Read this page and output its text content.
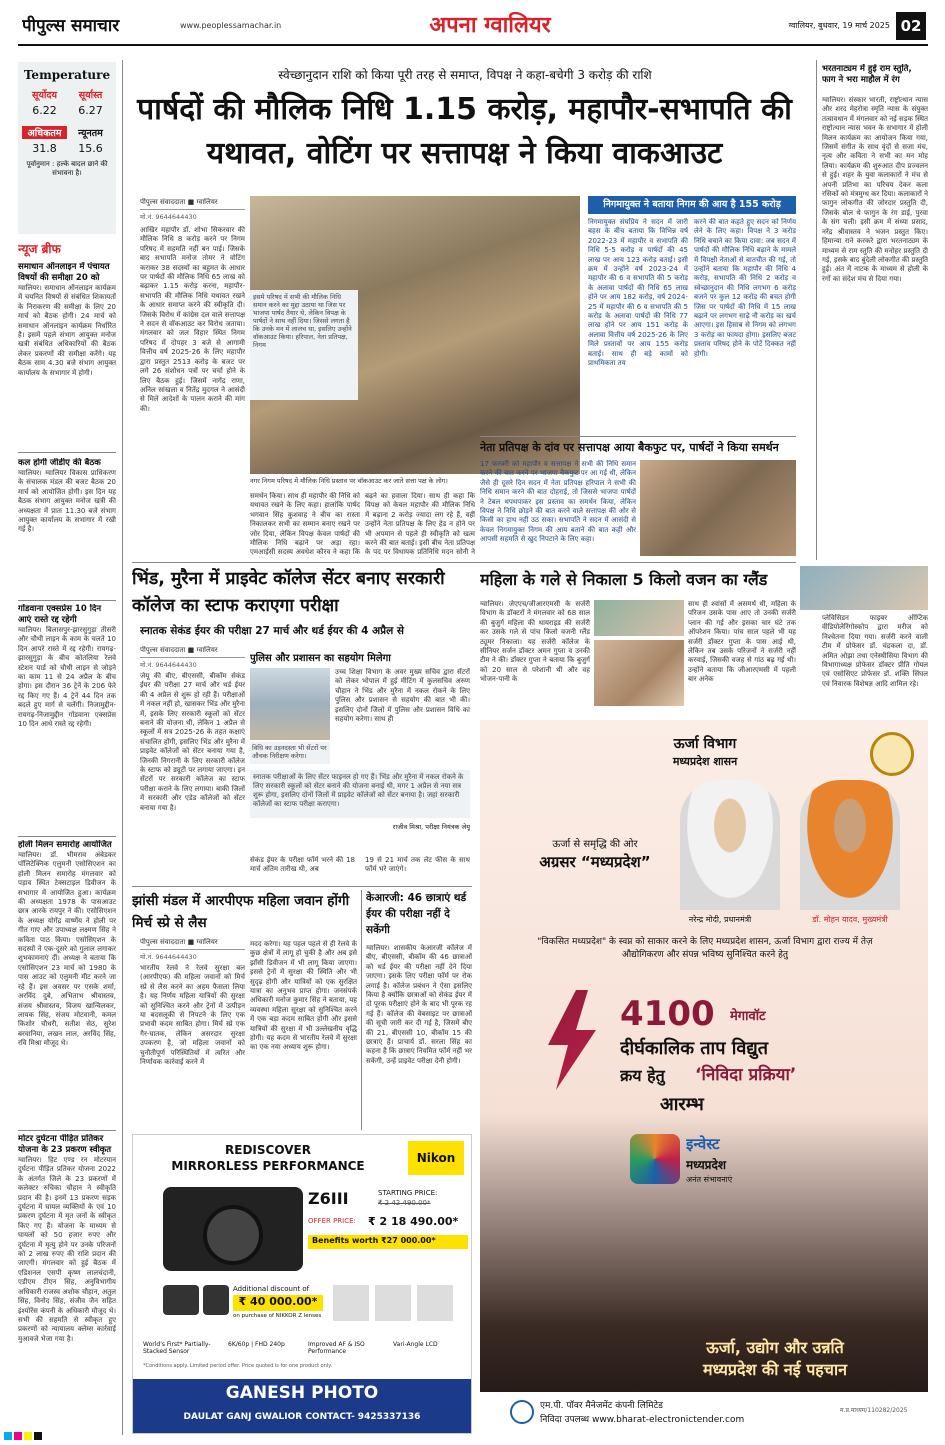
पीपुल्स समाचार	www.peoplessamachar.in	अपना ग्वालियर	ग्वालियर, बुधवार, 19 मार्च 2025 02
Temperature
सूर्योदय	सूर्यास्त
6.22	6.27
अधिकतम	न्यूनतम
31.8	15.6
पूर्वानुमान : हल्के बादल छाने की संभावना है।
न्यूज ब्रीफ
समाधान ऑनलाइन में पंचायत विषयों की समीक्षा 20 को
ग्वालियर। समाधान ऑनलाइन कार्यक्रम में चयनित विषयों से संबंधित शिकायतों के निराकरण की समीक्षा के लिए 20 मार्च को बैठक होगी। 24 मार्च को समाधान ऑनलाइन कार्यक्रम निर्धारित है। इसमें पहले संभाग आयुक्त मनोज खत्री संबंधित अधिकारियों की बैठक लेकर प्रकरणों की समीक्षा करेंगे। यह बैठक साम 4.30 बजे संभाग आयुक्त कार्यालय के सभागार में होगी।
कल होगी जीडीए की बैठक
ग्वालियर। ग्वालियर विकास प्राधिकरण के संचालक मंडल की बजट बैठक 20 मार्च को आयोजित होगी। इस दिन यह बैठक संभाग आयुक्त मनोज खत्री की अध्यक्षता में प्रातः 11.30 बजे संभाग आयुक्त कार्यालय के सभागार में रखी गई है।
गोंडवाना एक्सप्रेस 10 दिन आएं रास्ते रद्द रहेगी
ग्वालियर। बिलासपुर-झारसुगुड़ा तीसरी और चौथी लाइन के काम के चलते 10 दिन आपरे रास्ते में रद्द रहेगी। रायगढ़-झारसुगुड़ा के बीच कोतलिया रेलवे स्टेशन यार्ड को चौथी लाइन से जोड़ने का काम 11 से 24 अप्रैल के बीच होगा। इस दौरान 36 ट्रेनें के 206 फेरे रद्द किए गए हैं। 4 ट्रेनें 44 दिन तक बदले हुए मार्ग से चलेंगी। निजामुद्दीन-रायगढ़-निजामुद्दीन गोंडवाना एक्सप्रेस 10 दिन आधे रास्ते रद्द रहेगी।
होली मिलन समारोह आयोजित
ग्वालियर। डॉ. भीमराव अंबेडकर पॉलिटेक्निक एलुमनी एसोसिएशन का होली मिलन समारोह मंगलवार को पड़ाव स्थित टेक्सटाइल डिवीजन के सभागार में आयोजित हुआ। कार्यक्रम की अध्यक्षता 1978 के पासआउट छात्र आरके रायपुर ने की। एसोसिएशन के अध्यक्ष योगेंद्र वार्ष्णेय ने होली पर गीत गाए और उपाध्यक्ष लक्ष्मण सिंह ने कविता पाठ किया। एसोसिएशन के सदस्यों ने एक-दूसरे को गुलाल लगाकर शुभकामनाएं दीं। अध्यक्ष ने बताया कि एसोसिएशन 23 मार्च को 1980 के पास आउट को एलुमनी मीट करने जा रहे हैं। इस अवसर पर एसके शर्मा, अरविंद दुबे, अभिताभ श्रीवास्तव, संजय श्रीवास्तव, विजय खान्विलकर, लायक सिंह, संजय मोटवानी, कमल किशोर चौधरी, सतीश सेठ, सुरेश बरवानिया, लखन लाल, अरविंद सिंह, रवि मिश्रा मौजूद थे।
मोटर दुर्घटना पीड़ित प्रतिकर योजना के 23 प्रकरण स्वीकृत
ग्वालियर। हिट एण्ड रन मोटरयान दुर्घटना पीड़ित प्रतिकर योजना 2022 के अंतर्गत जिले के 23 प्रकरणों में कलेक्टर रुचिका चौहान ने स्वीकृति प्रदान की है। इनमें 13 प्रकरण सड़क दुर्घटना में घायल व्यक्तियों के एवं 10 प्रकरण दुर्घटना में मृत जनों के स्वीकृत किए गए हैं। योजना के माध्यम से घायलों को 50 हजार रुपए और दुर्घटना में मृत्यु होने पर उनके परिजनों को 2 लाख रुपए की राशि प्रदान की जाएगी। मंगलवार को हुई बैठक में एडिशनल एसपी कृष्ण लालचंदानी, एडीएम टीएन सिंह, अनुविभागीय अधिकारी राजस्व अशोक चौहान, अतुल सिंह, विनोद सिंह, संजीव जैन सहित इंश्योरेंस कंपनी के अधिकारी मौजूद थे। सभी की सहमति से स्वीकृत हुए प्रकरणों को न्यायालय क्लेम्स कार्रवाई मुआवजे भेजा गया है।
स्वेच्छानुदान राशि को किया पूरी तरह से समाप्त, विपक्ष ने कहा-बचेगी 3 करोड़ की राशि
पार्षदों की मौलिक निधि 1.15 करोड़, महापौर-सभापति की यथावत, वोटिंग पर सत्तापक्ष ने किया वाकआउट
पीपुल्स संवाददाता ■ ग्वालियर
मो.नं. 9644644430
आखिर महापौर डॉ. शोभा सिकरवार की मौलिक निधि 8 करोड़ करने पर निगम परिषद में सहमति नहीं बन पाई। जिसके बाद सभापति मनोज तोमर ने वोटिंग कराकर 38 सदस्यों का बहुमत के आधार पर पार्षदों की मौलिक निधि 65 लाख को बढ़ाकर 1.15 करोड़ करना, महापौर-सभापति की मौलिक निधि यथावत रखने के आधार समाप्त करने की स्वीकृति दी। जिसके विरोध में कांग्रेस दल वाले सत्तापक्ष ने सदन से वॉकआउट कर विरोध जताया। मंगलवार को जल विहार स्थित निगम परिषद में दोपहर 3 बजे से आगामी वित्तीय वर्ष 2025-26 के लिए महापौर द्वारा प्रस्तुत 2513 करोड़ के बजट पर लगे 26 संशोधन पत्रों पर चर्चा होने के लिए बैठक हुई। जिसमें नागेंद्र राणा, अनिल सांखला व नितेंद्र मुदगल ने आसंदी से मिले आदेशों के पालन कराने की मांग की।
इसमे परिषद में सभी की मौलिक निधि समान करने का मुद्दा उठाया था जिस पर भाजपा पार्षद तैयार थे, लेकिन विपक्ष के पार्षदों ने साथ नहीं दिया। जिससे लगता है कि उनके मन में लालच था, इसलिए उन्होंने वॉकआउट किया। हरिपाल, नेता प्रतिपक्ष, निगम
नगर निगम परिषद में मौलिक निधि प्रस्ताव पर वॉकआउट कर जाते सत्ता पक्ष के लोग।
समर्थन किया। साथ ही महापौर की निधि को यथावत रखने के लिए कहा। हालांकि पार्षद भगवान सिंह कुशवाह ने बीच का रास्ता निकालकर सभी का सम्मान बनाए रखने पर जोर दिया, लेकिन विपक्ष केवल पार्षदों की मौलिक निधि बढ़ाने पर अड़ा रहा। एमआईसी सदस्य अवधेश कौरव ने कहा कि
बढ़ने का हवाला दिया। साथ ही कहा कि विपक्ष को केवल महापौर की मौलिक निधि में बढ़ाना 2 करोड़ ज्यादा लग रहे हैं, वहीं उन्होंने नेता प्रतिपक्ष के लिए हेड न होने पर भी अपमान से पहले ही स्वीकृति को खत्म करने की बात बताई। इसी बीच नेता प्रतिपक्ष के पद पर विधायक प्रतिनिधि मदन सोनी ने
निगमायुक्त ने बताया निगम की आय है 155 करोड़
निगमायुक्त संघप्रिय ने सदन में जारी बहस के बीच बताया कि विभिन्न वर्ष 2022-23 में महापौर व सभापति की निधि 5-5 करोड़ व पार्षदों की 45 लाख पर आय 123 करोड़ बताई। इसी क्रम में उन्होंने वर्ष 2023-24 में महापौर की 6 व सभापति की 5 करोड़ के अलावा पार्षदों की निधि 65 लाख होने पर आय 182 करोड़, वर्ष 2024-25 में महापौर की 6 व सभापति की 5 करोड़ के अलावा पार्षदों की निधि 77 लाख होने पर आय 151 करोड़ के अलावा वित्तीय वर्ष 2025-26 के लिए मिले प्रस्तावों पर आय 155 करोड़ बताई। साथ ही बड़े कामों को प्राथमिकता तय
करने की बात कहते हुए सदन को निर्णय लेने के लिए कहा। विपक्ष ने 3 करोड़ निधि बचाने का किया दावा: जब सदन में पार्षदों की मौलिक निधि बढ़ाने के मामले में विपक्षी नेताओं से बातचीत की गई, तो उन्होंने बताया कि महापौर की निधि 4 करोड़, सभापति की निधि 2 करोड़ व स्वेच्छानुदान की निधि लगभग 6 करोड़ बजने पर कुल 12 करोड़ की बचत होगी जिस पर पार्षदों की निधि में 15 लाख बढ़ाने पर लगभग साढ़े नौ करोड़ का खर्च आएगा। इस हिसाब से निगम को लगभग 3 करोड़ का फायदा होगा। इसलिए बजट प्रस्ताव परिषद होने के पोर्टे दिक्कत नहीं होगी।
नेता प्रतिपक्ष के दांव पर सत्तापक्ष आया बैकफुट पर, पार्षदों ने किया समर्थन
17 फरवरी को महापौर व सत्तापक्ष ने सभी की निधि समान करने की बात करने पर भाजपा बैकफुट पर आ गई थी, लेकिन जैसे ही दूसरे दिन सदन में नेता प्रतिपक्ष हरिपाल ने सभी की निधि समान करने की बात दोहराई, तो जिससे भाजपा पार्षदों ने टेबल थपथपाकर इस प्रस्ताव का समर्थन किया, लेकिन विपक्ष ने निधि छोड़ने की बात करने वाले सत्तापक्ष की ओर से किसी का हाथ नहीं उठ सका। सभापति ने सदन में आसंदी से केवल निगमायुक्त निगम की आय बताने की बात कही और आपसी सहमति से खुद निपटाने के लिए कहा।
भिंड, मुरैना में प्राइवेट कॉलेज सेंटर बनाए सरकारी कॉलेज का स्टाफ कराएगा परीक्षा
स्नातक सेकंड ईयर की परीक्षा 27 मार्च और थर्ड ईयर की 4 अप्रैल से
पीपुल्स संवाददाता ■ ग्वालियर
मो.नं. 9644644430
जेयू की बीए, बीएससी, बीकॉम सेकंड ईयर की परीक्षा 27 मार्च और थर्ड ईयर की 4 अप्रैल से शुरू हो रही हैं। परीक्षाओं में नकल नहीं हो, खासकर भिंड और मुरैना में, इसके लिए सरकारी स्कूलों को सेंटर बनाने की योजना थी, लेकिन 1 अप्रैल से स्कूलों में सत्र 2025-26 के तहत कक्षाएं संचालित होंगी, इसलिए भिंड और मुरैना में प्राइवेट कॉलेजों को सेंटर बनाया गया है, जिनकी निगरानी के लिए सरकारी कॉलेज के स्टाफ को ड्यूटी पर लगाया जाएगा। इन सेंटरों पर सरकारी कॉलेज का स्टाफ परीक्षा कराने के लिए लगाया। बाकी जिलों में सरकारी और एडेड कॉलेजों को सेंटर बनाया गया है।
पुलिस और प्रशासन का सहयोग मिलेगा
विधि का उड़नदस्ता भी सेंटरों पर औचक निरीक्षण करेगा।
उच्च शिक्षा विभाग के अवर मुख्य सचिव द्वारा सेंटरों को लेकर भोपाल में हुई मीटिंग में कुलसचिव अरुण चौहान ने भिंड और मुरैना में नकल रोकने के लिए पुलिस और प्रशासन से सहयोग की बात भी की। इसलिए दोनों जिलों में पुलिस और प्रशासन विधि का सहयोग करेगा। साथ ही
स्नातक परीक्षाओं के लिए सेंटर फाइनल हो गए हैं। भिंड और मुरैना में नकल रोकने के लिए सरकारी स्कूलों को सेंटर बनाने की योजना बनाई थी, मगर 1 अप्रैल से नया सत्र शुरू होगा, इसलिए दोनों जिलों में प्राइवेट कॉलेजों को सेंटर बनाया है। जहां सरकारी कॉलेजों का स्टाफ परीक्षा कराएगा।
राजीव मिश्रा, परीक्षा नियंत्रक जेयू
सेकंड ईयर के परीक्षा फॉर्म भरने की 18 मार्च अंतिम तारीख थी, अब
19 से 21 मार्च तक लेट फीस के साथ फॉर्म भरे जाएंगे।
महिला के गले से निकाला 5 किलो वजन का ग्लैंड
ग्वालियर। जेएएच/जीआरएमसी के सर्जरी विभाग के डॉक्टरों ने मंगलवार को 68 साल की बुजुर्ग महिला की थायराइड की सर्जरी कर उसके गले से पांच किलो वजनी ग्लैंड ट्यूमर निकाला। यह सर्जरी कॉलेज के सीनियर सर्जन डॉक्टर अमन गुप्ता व उनकी टीम ने की। डॉक्टर गुप्ता ने बताया कि बुजुर्ग को 20 साल से परेशानी थी और वह भोजन-पानी के
साथ ही श्वांसों में असमर्थ थी, महिला के परिजन उसके पास आए तो उनकी सर्जरी प्लान की गई और इसका चार घंटे तक ऑपरेशन किया। पांच साल पहले भी यह सर्जरी डॉक्टर गुप्ता के पास आई थी, लेकिन तब उसके परिजनों ने सर्जरी नहीं करवाई, जिसकी वजह से गांठ बढ़ गई थी। उन्होंने बताया कि जीआरएमसी में पहली बार अनेक
प्लेविसिडन फाइबर ऑप्टिक वीडियोलेरिंगोस्कोप द्वारा मरीज को निश्चेतना दिया गया। सर्जरी करने वाली टीम में प्रोफेसर डॉ. चंद्रकला दा, डॉ. अमित ओझा तथा एनेस्थीसिया विभाग की विभागाध्यक्ष प्रोफेसर डॉक्टर प्रीति गोयल एवं एसोसिएट प्रोफेसर डॉ. शक्ति सिंघल एवं निवारक विशेषज्ञ आदि शामिल रहे।
भरतनाट्यम में हुई राम स्तुति, फाग ने भरा माहौल में रंग
ग्वालियर। संस्कार भारती, राष्ट्रोत्थान न्यास और शरद मेहरोत्रा स्मृति न्यास के संयुक्त तत्वावधान में मंगलवार को नई सड़क स्थित राष्ट्रोत्थान न्यास भवन के सभागार में होली मिलन कार्यक्रम का आयोजन किया गया, जिसमें संगीत के साथ वृंदों से सजा मंच, नृत्य और कविता ने सभी का मन मोह लिया। कार्यक्रम की शुरुआत दीप प्रज्वलन से हुई। शहर के युवा कलाकारों ने मंच से अपनी प्रतिभा का परिचय देकर कला रसिकों को मंत्रमुग्ध कर दिया। कलाकारों ने फागुन लोकगीत की जोरदार प्रस्तुति दी, जिसके बोल थे फागुन के रंग डाई, पुरवा के संग चली। इसी क्रम में संध्या प्रसाद, नरेंद्र श्रीवास्तव ने भजन प्रस्तुत किए। हिमान्या राने करकरे द्वारा भरतनाट्यम के माध्यम से राम स्तुति की मनोहर प्रस्तुति दी गई, इसके बाद बुंदेली लोकगीत की प्रस्तुति हुई। अंत में नाटक के माध्यम से होली के रंगों का संदेश मंच से दिया गया।
झांसी मंडल में आरपीएफ महिला जवान होंगी मिर्च स्प्रे से लैस
पीपुल्स संवाददाता ■ ग्वालियर
मो.नं. 9644644430
भारतीय रेलवे ने रेलवे सुरक्षा बल (आरपीएफ) की महिला जवानों को मिर्च स्प्रे से लैस करने का अहम फैसला लिया है। यह निर्णय महिला यात्रियों की सुरक्षा को सुनिश्चित करने और ट्रेनों में उत्पीड़न या बदसलूकी से निपटने के लिए एक प्रभावी कदम साबित होगा। मिर्च स्प्रे एक गैर-घातक, लेकिन असरदार सुरक्षा उपकरण है, जो महिला जवानों को चुनौतीपूर्ण परिस्थितियों में त्वरित और निर्णायक कार्रवाई करने में
मदद करेगा। यह पहल पहले से ही रेलवे के कुछ क्षेत्रों में लागू हो चुकी है और अब इसे झाँसी डिवीजन में भी लागू किया जाएगा। इससे ट्रेनों में सुरक्षा की स्थिति और भी सुदृढ़ होगी और यात्रियों को एक सुरक्षित यात्रा का अनुभव प्राप्त होगा। जनसंपर्क अधिकारी मनोज कुमार सिंह ने बताया, यह व्यवस्था महिला सुरक्षा को सुनिश्चित करने में एक बड़ा कदम साबित होगी और इससे यात्रियों की सुरक्षा में भी उल्लेखनीय वृद्धि होगी। यह कदम से भारतीय रेलवे में सुरक्षा का एक नया अध्याय शुरू होगा।
केआरजी: 46 छात्राएं थर्ड ईयर की परीक्षा नहीं दे सकेंगी
ग्वालियर। शासकीय केआरजी कॉलेज में बीए, बीएससी, बीकॉम की 46 छात्राओं को थर्ड ईयर की परीक्षा नहीं देने दिया जाएगा। इसके लिए परीक्षा फॉर्म पर रोक लगाई है। कॉलेज प्रबंधन ने ऐसा इसलिए किया है क्योंकि छात्राओं को सेकंड ईयर में दो पूरक परीक्षाएं होने के बाद भी पूरक रह गई हैं। कॉलेज की वेबसाइट पर छात्राओं की सूची जारी कर दी गई है, जिसमें बीए की 21, बीएससी 10, बीकॉम 15 की छात्राएं हैं। प्राचार्य डॉ. सरला सिंह का कहना है कि छात्राएं नियमित फॉर्म नहीं भर सकेंगी, उन्हें प्राइवेट परीक्षा देनी होगी।
REDISCOVER
MIRRORLESS PERFORMANCE
Nikon
Z6III	STARTING PRICE:
₹ 2 42 490.00*
OFFER PRICE:	₹ 2 18 490.00*
Benefits worth ₹27 000.00*
Additional discount of
₹ 40 000.00*
on purchase of NIKKOR Z lenses
World's First* Partially-Stacked Sensor
6K/60p | FHD 240p	Improved AF & ISO Performance
Vari-Angle LCD
*Conditions apply. Limited period offer. Price quoted is for one product only.
GANESH PHOTO
DAULAT GANJ GWALIOR CONTACT- 9425337136
ऊर्जा विभाग
मध्यप्रदेश शासन
ऊर्जा से समृद्धि की ओर
अग्रसर “मध्यप्रदेश”
नरेन्द्र मोदी, प्रधानमंत्री	डॉ. मोहन यादव, मुख्यमंत्री
"विकसित मध्यप्रदेश" के स्वप्न को साकार करने के लिए मध्यप्रदेश शासन, ऊर्जा विभाग द्वारा राज्य में तेज़ औद्योगिकरण और संपन्न भविष्य सुनिश्चित करने हेतु
4100	मेगावॉट
दीर्घकालिक ताप विद्युत
क्रय हेतु	‘निविदा प्रक्रिया’
आरम्भ
इन्वेस्ट
मध्यप्रदेश
अनंत संभावनाएं
ऊर्जा, उद्योग और उन्नति
मध्यप्रदेश की नई पहचान
एम.पी. पॉवर मैनेजमेंट कंपनी लिमिटेड
निविदा उपलब्ध www.bharat-electronictender.com
म.प्र.माध्यम/110282/2025
